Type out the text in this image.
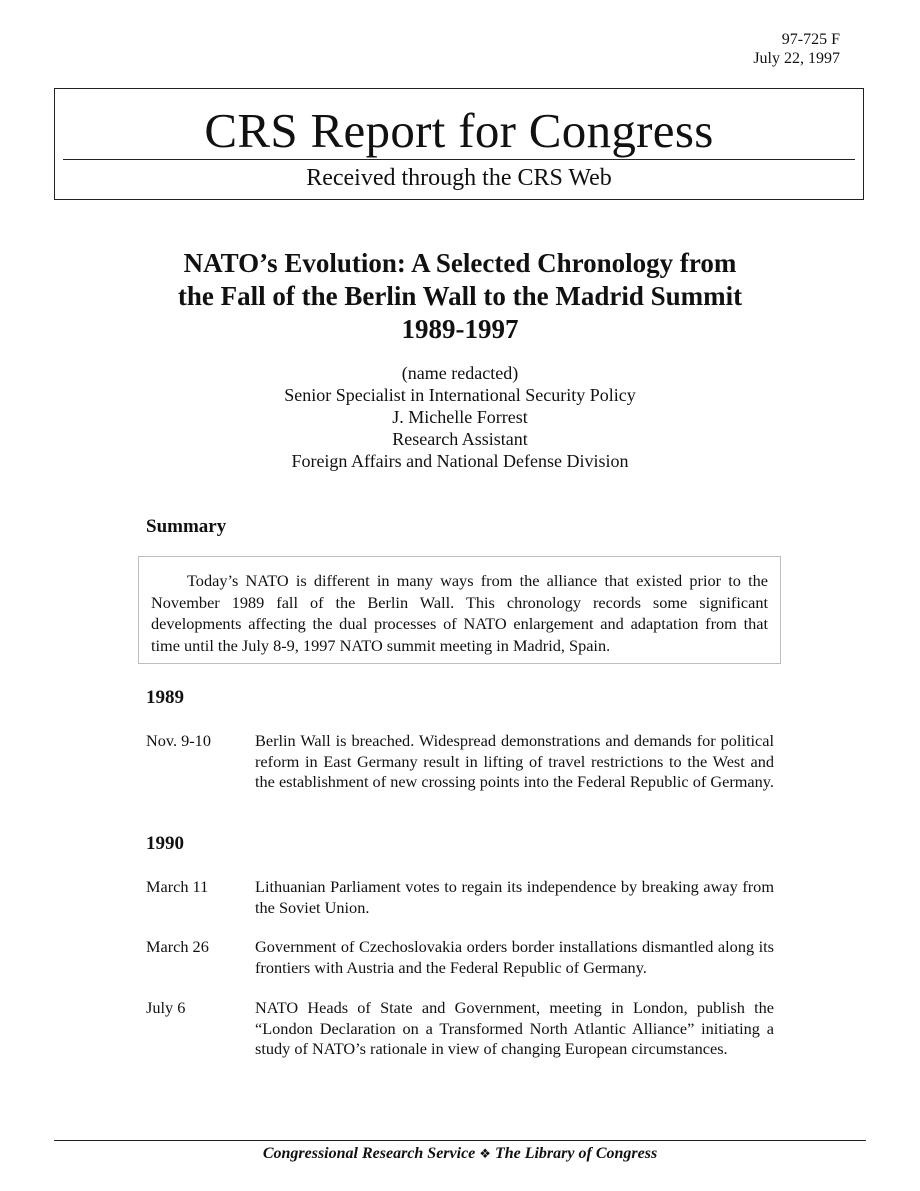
97-725 F
July 22, 1997
CRS Report for Congress
Received through the CRS Web
NATO’s Evolution: A Selected Chronology from
the Fall of the Berlin Wall to the Madrid Summit
1989-1997
(name redacted)
Senior Specialist in International Security Policy
J. Michelle Forrest
Research Assistant
Foreign Affairs and National Defense Division
Summary

Today’s NATO is different in many ways from the alliance that existed prior to the November 1989 fall of the Berlin Wall. This chronology records some significant developments affecting the dual processes of NATO enlargement and adaptation from that time until the July 8-9, 1997 NATO summit meeting in Madrid, Spain.

1989
Nov. 9-10	Berlin Wall is breached. Widespread demonstrations and demands for political reform in East Germany result in lifting of travel restrictions to the West and the establishment of new crossing points into the Federal Republic of Germany.
1990
March 11	Lithuanian Parliament votes to regain its independence by breaking away from the Soviet Union.
March 26	Government of Czechoslovakia orders border installations dismantled along its frontiers with Austria and the Federal Republic of Germany.
July 6	NATO Heads of State and Government, meeting in London, publish the “London Declaration on a Transformed North Atlantic Alliance” initiating a study of NATO’s rationale in view of changing European circumstances.
Congressional Research Service ❖ The Library of Congress
